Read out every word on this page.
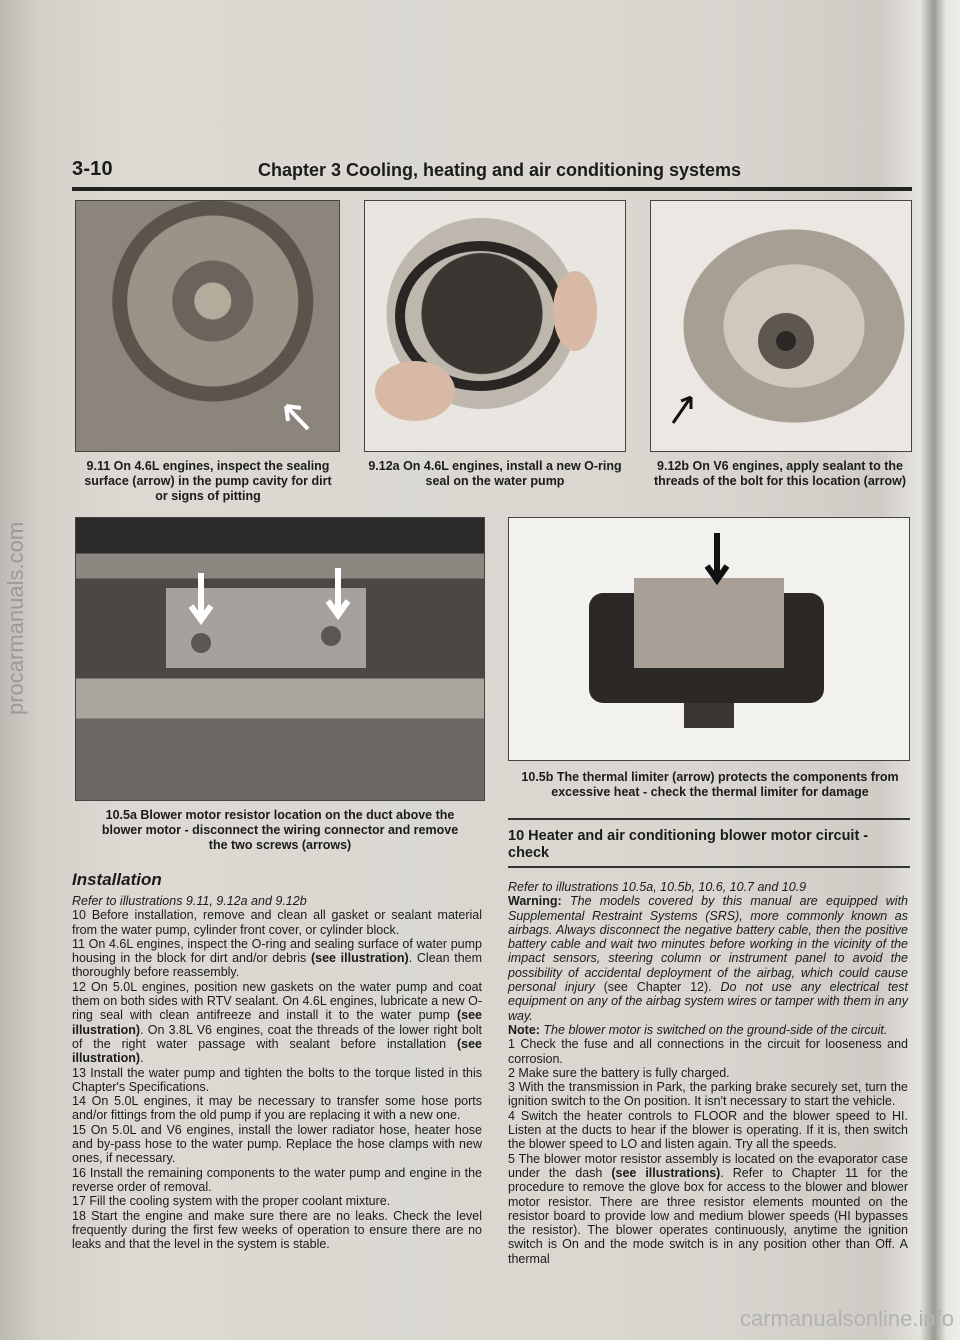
procarmanuals.com
3-10	Chapter 3 Cooling, heating and air conditioning systems
9.11 On 4.6L engines, inspect the sealing surface (arrow) in the pump cavity for dirt or signs of pitting
9.12a On 4.6L engines, install a new O-ring seal on the water pump
9.12b On V6 engines, apply sealant to the threads of the bolt for this location (arrow)
10.5a Blower motor resistor location on the duct above the blower motor - disconnect the wiring connector and remove the two screws (arrows)
10.5b The thermal limiter (arrow) protects the components from excessive heat - check the thermal limiter for damage
Installation

Refer to illustrations 9.11, 9.12a and 9.12b

10 Before installation, remove and clean all gasket or sealant material from the water pump, cylinder front cover, or cylinder block.

11 On 4.6L engines, inspect the O-ring and sealing surface of water pump housing in the block for dirt and/or debris (see illustration). Clean them thoroughly before reassembly.

12 On 5.0L engines, position new gaskets on the water pump and coat them on both sides with RTV sealant. On 4.6L engines, lubricate a new O-ring seal with clean antifreeze and install it to the water pump (see illustration). On 3.8L V6 engines, coat the threads of the lower right bolt of the right water passage with sealant before installation (see illustration).

13 Install the water pump and tighten the bolts to the torque listed in this Chapter's Specifications.

14 On 5.0L engines, it may be necessary to transfer some hose ports and/or fittings from the old pump if you are replacing it with a new one.

15 On 5.0L and V6 engines, install the lower radiator hose, heater hose and by-pass hose to the water pump. Replace the hose clamps with new ones, if necessary.

16 Install the remaining components to the water pump and engine in the reverse order of removal.

17 Fill the cooling system with the proper coolant mixture.

18 Start the engine and make sure there are no leaks. Check the level frequently during the first few weeks of operation to ensure there are no leaks and that the level in the system is stable.

10 Heater and air conditioning blower motor circuit - check

Refer to illustrations 10.5a, 10.5b, 10.6, 10.7 and 10.9

Warning: The models covered by this manual are equipped with Supplemental Restraint Systems (SRS), more commonly known as airbags. Always disconnect the negative battery cable, then the positive battery cable and wait two minutes before working in the vicinity of the impact sensors, steering column or instrument panel to avoid the possibility of accidental deployment of the airbag, which could cause personal injury (see Chapter 12). Do not use any electrical test equipment on any of the airbag system wires or tamper with them in any way.

Note: The blower motor is switched on the ground-side of the circuit.

1 Check the fuse and all connections in the circuit for looseness and corrosion.

2 Make sure the battery is fully charged.

3 With the transmission in Park, the parking brake securely set, turn the ignition switch to the On position. It isn't necessary to start the vehicle.

4 Switch the heater controls to FLOOR and the blower speed to HI. Listen at the ducts to hear if the blower is operating. If it is, then switch the blower speed to LO and listen again. Try all the speeds.

5 The blower motor resistor assembly is located on the evaporator case under the dash (see illustrations). Refer to Chapter 11 for the procedure to remove the glove box for access to the blower and blower motor resistor. There are three resistor elements mounted on the resistor board to provide low and medium blower speeds (HI bypasses the resistor). The blower operates continuously, anytime the ignition switch is On and the mode switch is in any position other than Off. A thermal

carmanualsonline.info
